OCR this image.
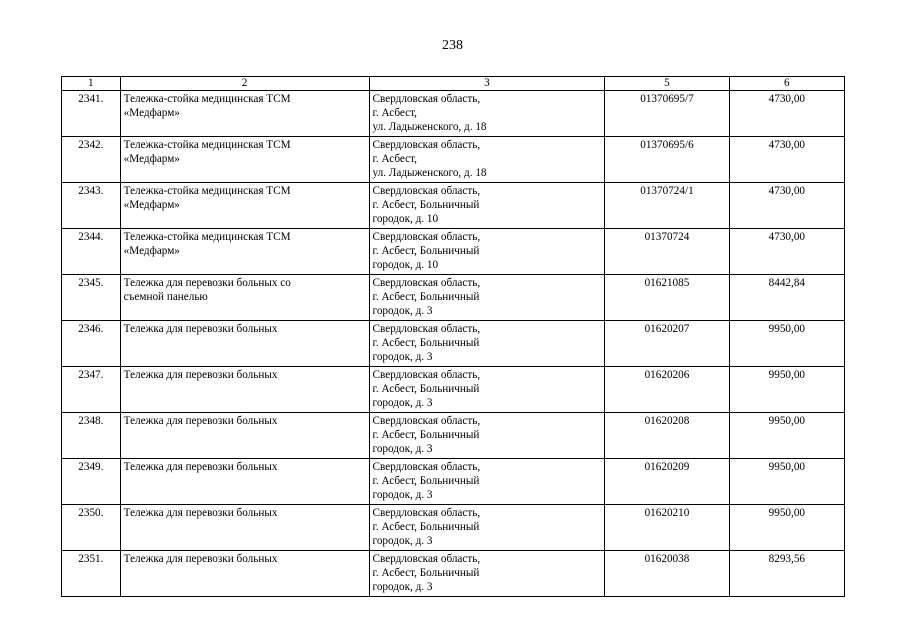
238
1	2	3		5	6
2341.	Тележка-стойка медицинская ТСМ
«Медфарм»	Свердловская область,
г. Асбест,
ул. Ладыженского, д. 18		01370695/7	4730,00
2342.	Тележка-стойка медицинская ТСМ
«Медфарм»	Свердловская область,
г. Асбест,
ул. Ладыженского, д. 18		01370695/6	4730,00
2343.	Тележка-стойка медицинская ТСМ
«Медфарм»	Свердловская область,
г. Асбест, Больничный
городок, д. 10		01370724/1	4730,00
2344.	Тележка-стойка медицинская ТСМ
«Медфарм»	Свердловская область,
г. Асбест, Больничный
городок, д. 10		01370724	4730,00
2345.	Тележка для перевозки больных со
съемной панелью	Свердловская область,
г. Асбест, Больничный
городок, д. 3		01621085	8442,84
2346.	Тележка для перевозки больных	Свердловская область,
г. Асбест, Больничный
городок, д. 3		01620207	9950,00
2347.	Тележка для перевозки больных	Свердловская область,
г. Асбест, Больничный
городок, д. 3		01620206	9950,00
2348.	Тележка для перевозки больных	Свердловская область,
г. Асбест, Больничный
городок, д. 3		01620208	9950,00
2349.	Тележка для перевозки больных	Свердловская область,
г. Асбест, Больничный
городок, д. 3		01620209	9950,00
2350.	Тележка для перевозки больных	Свердловская область,
г. Асбест, Больничный
городок, д. 3		01620210	9950,00
2351.	Тележка для перевозки больных	Свердловская область,
г. Асбест, Больничный
городок, д. 3		01620038	8293,56
